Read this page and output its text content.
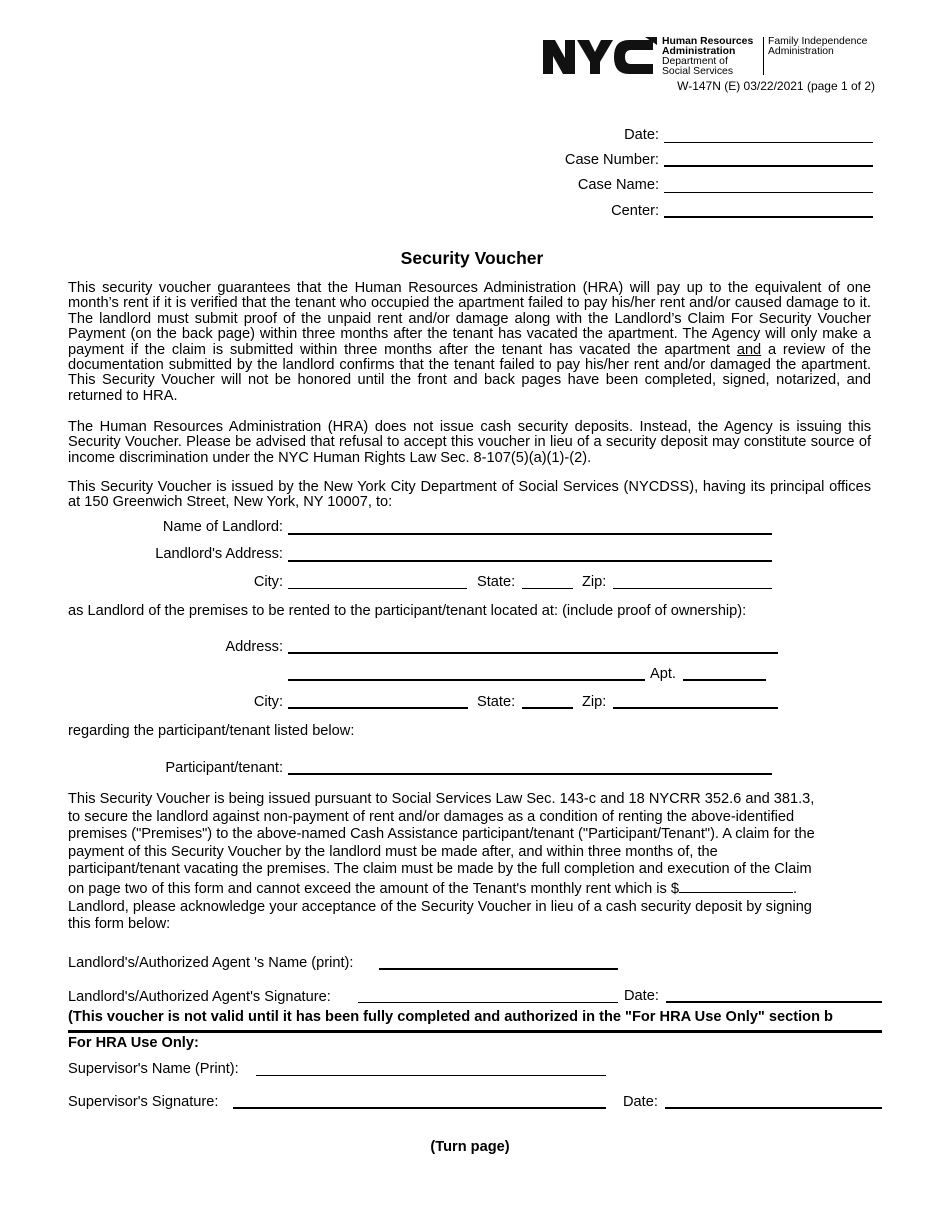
Human Resources
Administration
Department of
Social Services
Family Independence
Administration
W-147N (E) 03/22/2021 (page 1 of 2)
Date:
Case Number:
Case Name:
Center:
Security Voucher
This security voucher guarantees that the Human Resources Administration (HRA) will pay up to the equivalent of one month’s rent if it is verified that the tenant who occupied the apartment failed to pay his/her rent and/or caused damage to it. The landlord must submit proof of the unpaid rent and/or damage along with the Landlord’s Claim For Security Voucher Payment (on the back page) within three months after the tenant has vacated the apartment. The Agency will only make a payment if the claim is submitted within three months after the tenant has vacated the apartment and a review of the documentation submitted by the landlord confirms that the tenant failed to pay his/her rent and/or damaged the apartment. This Security Voucher will not be honored until the front and back pages have been completed, signed, notarized, and returned to HRA.
The Human Resources Administration (HRA) does not issue cash security deposits. Instead, the Agency is issuing this Security Voucher. Please be advised that refusal to accept this voucher in lieu of a security deposit may constitute source of income discrimination under the NYC Human Rights Law Sec. 8-107(5)(a)(1)-(2).
This Security Voucher is issued by the New York City Department of Social Services (NYCDSS), having its principal offices at 150 Greenwich Street, New York, NY 10007, to:
Name of Landlord:
Landlord's Address:
City:	State:	Zip:
as Landlord of the premises to be rented to the participant/tenant located at: (include proof of ownership):
Address:
Apt.
City:	State:	Zip:
regarding the participant/tenant listed below:
Participant/tenant:
This Security Voucher is being issued pursuant to Social Services Law Sec. 143-c and 18 NYCRR 352.6 and 381.3,
to secure the landlord against non-payment of rent and/or damages as a condition of renting the above-identified
premises ("Premises") to the above-named Cash Assistance participant/tenant ("Participant/Tenant"). A claim for the
payment of this Security Voucher by the landlord must be made after, and within three months of, the
participant/tenant vacating the premises. The claim must be made by the full completion and execution of the Claim
on page two of this form and cannot exceed the amount of the Tenant's monthly rent which is $	.
Landlord, please acknowledge your acceptance of the Security Voucher in lieu of a cash security deposit by signing
this form below:
Landlord's/Authorized Agent 's Name (print):
Landlord's/Authorized Agent's Signature:	Date:
(This voucher is not valid until it has been fully completed and authorized in the "For HRA Use Only" section b
For HRA Use Only:
Supervisor's Name (Print):
Supervisor's Signature:	Date:
(Turn page)
